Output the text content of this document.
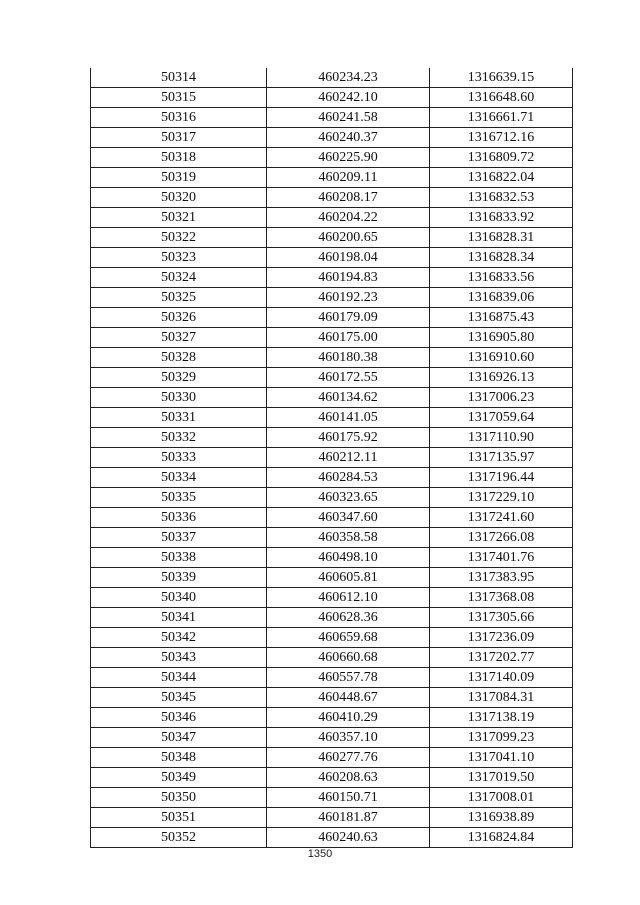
50314	460234.23	1316639.15
50315	460242.10	1316648.60
50316	460241.58	1316661.71
50317	460240.37	1316712.16
50318	460225.90	1316809.72
50319	460209.11	1316822.04
50320	460208.17	1316832.53
50321	460204.22	1316833.92
50322	460200.65	1316828.31
50323	460198.04	1316828.34
50324	460194.83	1316833.56
50325	460192.23	1316839.06
50326	460179.09	1316875.43
50327	460175.00	1316905.80
50328	460180.38	1316910.60
50329	460172.55	1316926.13
50330	460134.62	1317006.23
50331	460141.05	1317059.64
50332	460175.92	1317110.90
50333	460212.11	1317135.97
50334	460284.53	1317196.44
50335	460323.65	1317229.10
50336	460347.60	1317241.60
50337	460358.58	1317266.08
50338	460498.10	1317401.76
50339	460605.81	1317383.95
50340	460612.10	1317368.08
50341	460628.36	1317305.66
50342	460659.68	1317236.09
50343	460660.68	1317202.77
50344	460557.78	1317140.09
50345	460448.67	1317084.31
50346	460410.29	1317138.19
50347	460357.10	1317099.23
50348	460277.76	1317041.10
50349	460208.63	1317019.50
50350	460150.71	1317008.01
50351	460181.87	1316938.89
50352	460240.63	1316824.84
1350
